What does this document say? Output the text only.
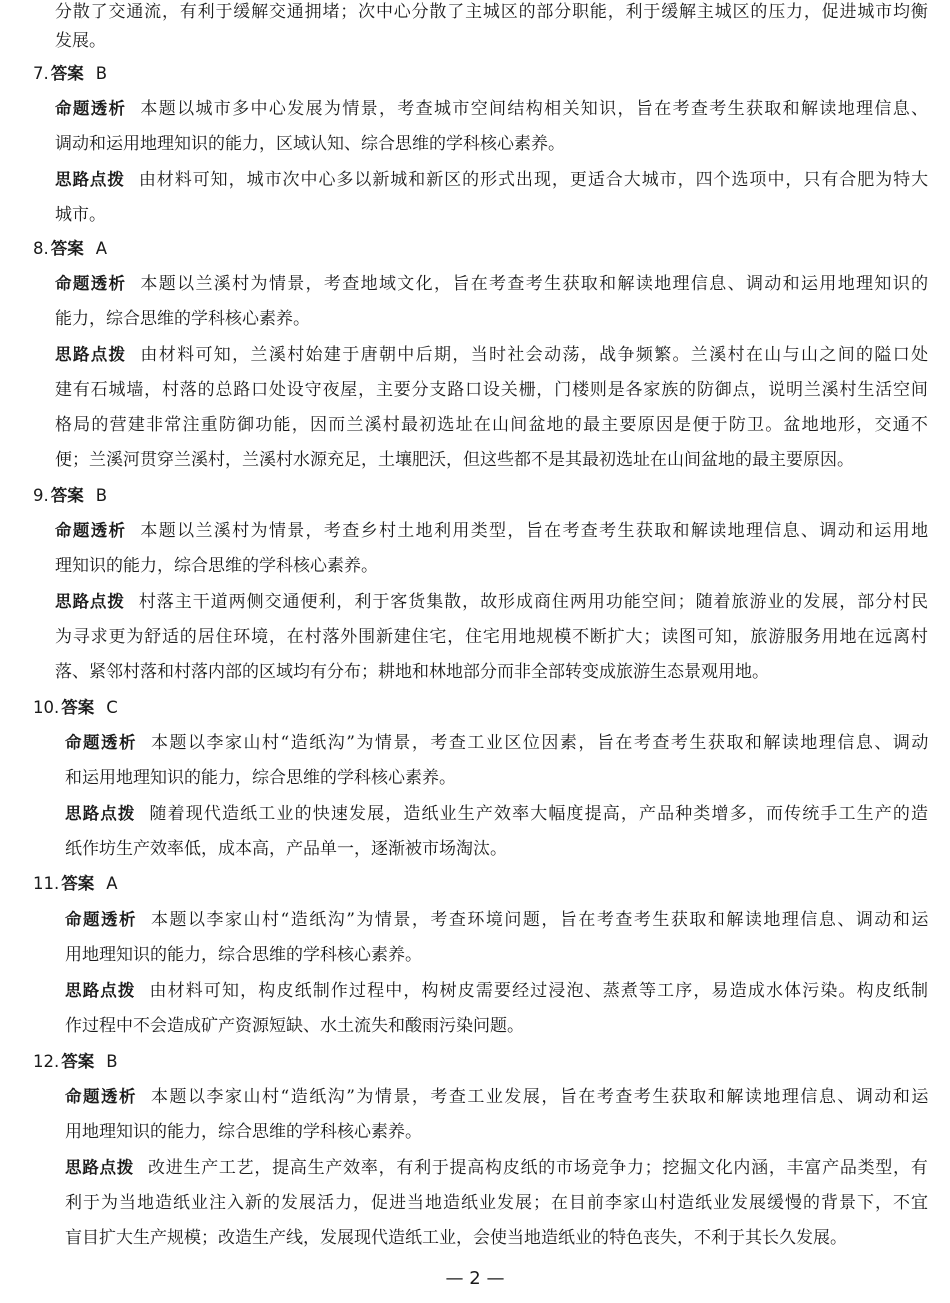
分散了交通流，有利于缓解交通拥堵；次中心分散了主城区的部分职能，利于缓解主城区的压力，促进城市均衡
发展。
7. 答案 B
命题透析 本题以城市多中心发展为情景，考查城市空间结构相关知识，旨在考查考生获取和解读地理信息、
调动和运用地理知识的能力，区域认知、综合思维的学科核心素养。
思路点拨 由材料可知，城市次中心多以新城和新区的形式出现，更适合大城市，四个选项中，只有合肥为特大
城市。
8. 答案 A
命题透析 本题以兰溪村为情景，考查地域文化，旨在考查考生获取和解读地理信息、调动和运用地理知识的
能力，综合思维的学科核心素养。
思路点拨 由材料可知，兰溪村始建于唐朝中后期，当时社会动荡，战争频繁。兰溪村在山与山之间的隘口处
建有石城墙，村落的总路口处设守夜屋，主要分支路口设关栅，门楼则是各家族的防御点，说明兰溪村生活空间
格局的营建非常注重防御功能，因而兰溪村最初选址在山间盆地的最主要原因是便于防卫。盆地地形，交通不
便；兰溪河贯穿兰溪村，兰溪村水源充足，土壤肥沃，但这些都不是其最初选址在山间盆地的最主要原因。
9. 答案 B
命题透析 本题以兰溪村为情景，考查乡村土地利用类型，旨在考查考生获取和解读地理信息、调动和运用地
理知识的能力，综合思维的学科核心素养。
思路点拨 村落主干道两侧交通便利，利于客货集散，故形成商住两用功能空间；随着旅游业的发展，部分村民
为寻求更为舒适的居住环境，在村落外围新建住宅，住宅用地规模不断扩大；读图可知，旅游服务用地在远离村
落、紧邻村落和村落内部的区域均有分布；耕地和林地部分而非全部转变成旅游生态景观用地。
10. 答案 C
命题透析 本题以李家山村“造纸沟”为情景，考查工业区位因素，旨在考查考生获取和解读地理信息、调动
和运用地理知识的能力，综合思维的学科核心素养。
思路点拨 随着现代造纸工业的快速发展，造纸业生产效率大幅度提高，产品种类增多，而传统手工生产的造
纸作坊生产效率低，成本高，产品单一，逐渐被市场淘汰。
11. 答案 A
命题透析 本题以李家山村“造纸沟”为情景，考查环境问题，旨在考查考生获取和解读地理信息、调动和运
用地理知识的能力，综合思维的学科核心素养。
思路点拨 由材料可知，构皮纸制作过程中，构树皮需要经过浸泡、蒸煮等工序，易造成水体污染。构皮纸制
作过程中不会造成矿产资源短缺、水土流失和酸雨污染问题。
12. 答案 B
命题透析 本题以李家山村“造纸沟”为情景，考查工业发展，旨在考查考生获取和解读地理信息、调动和运
用地理知识的能力，综合思维的学科核心素养。
思路点拨 改进生产工艺，提高生产效率，有利于提高构皮纸的市场竞争力；挖掘文化内涵，丰富产品类型，有
利于为当地造纸业注入新的发展活力，促进当地造纸业发展；在目前李家山村造纸业发展缓慢的背景下，不宜
盲目扩大生产规模；改造生产线，发展现代造纸工业，会使当地造纸业的特色丧失，不利于其长久发展。
— 2 —
